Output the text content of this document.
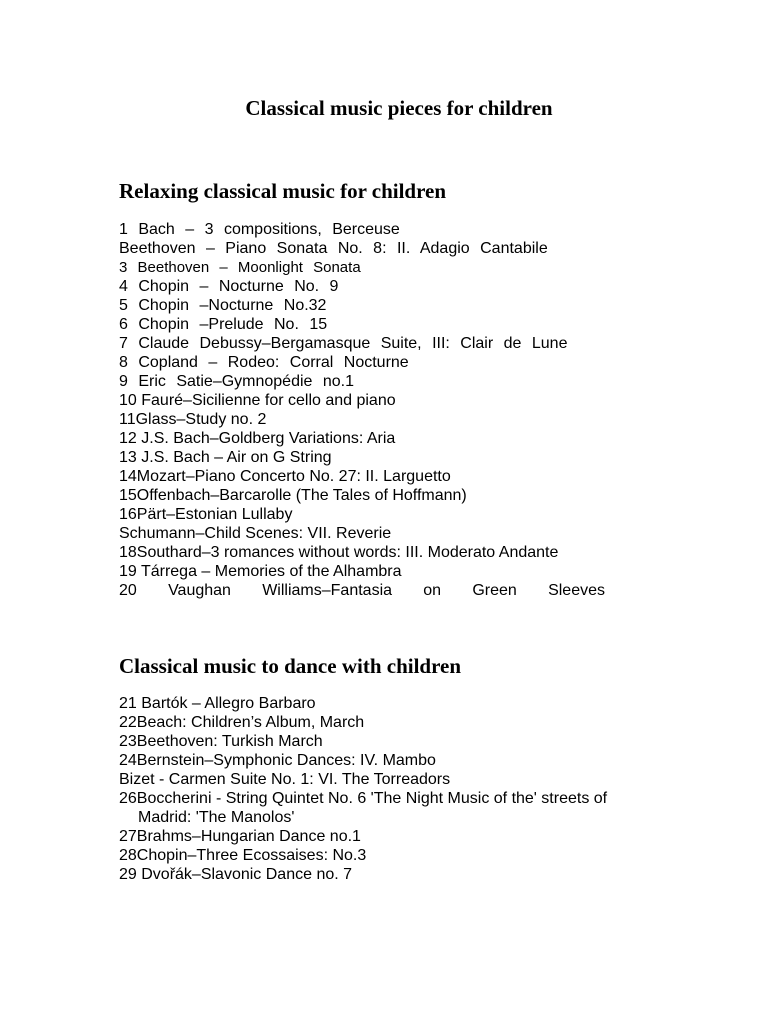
Classical music pieces for children
Relaxing classical music for children
1 Bach – 3 compositions, Berceuse
Beethoven – Piano Sonata No. 8: II. Adagio Cantabile
3 Beethoven – Moonlight Sonata
4 Chopin – Nocturne No. 9
5 Chopin –Nocturne No.32
6 Chopin –Prelude No. 15
7 Claude Debussy–Bergamasque Suite, III: Clair de Lune
8 Copland – Rodeo: Corral Nocturne
9 Eric Satie–Gymnopédie no.1
10 Fauré–Sicilienne for cello and piano
11Glass–Study no. 2
12 J.S. Bach–Goldberg Variations: Aria
13 J.S. Bach – Air on G String
14Mozart–Piano Concerto No. 27: II. Larguetto
15Offenbach–Barcarolle (The Tales of Hoffmann)
16Pärt–Estonian Lullaby
Schumann–Child Scenes: VII. Reverie
18Southard–3 romances without words: III. Moderato Andante
19 Tárrega – Memories of the Alhambra
20 Vaughan Williams–Fantasia on Green Sleeves
Classical music to dance with children
21 Bartók – Allegro Barbaro
22Beach: Children’s Album, March
23Beethoven: Turkish March
24Bernstein–Symphonic Dances: IV. Mambo
Bizet - Carmen Suite No. 1: VI. The Torreadors
26Boccherini - String Quintet No. 6 'The Night Music of the' streets of Madrid: 'The Manolos'
27Brahms–Hungarian Dance no.1
28Chopin–Three Ecossaises: No.3
29 Dvořák–Slavonic Dance no. 7
